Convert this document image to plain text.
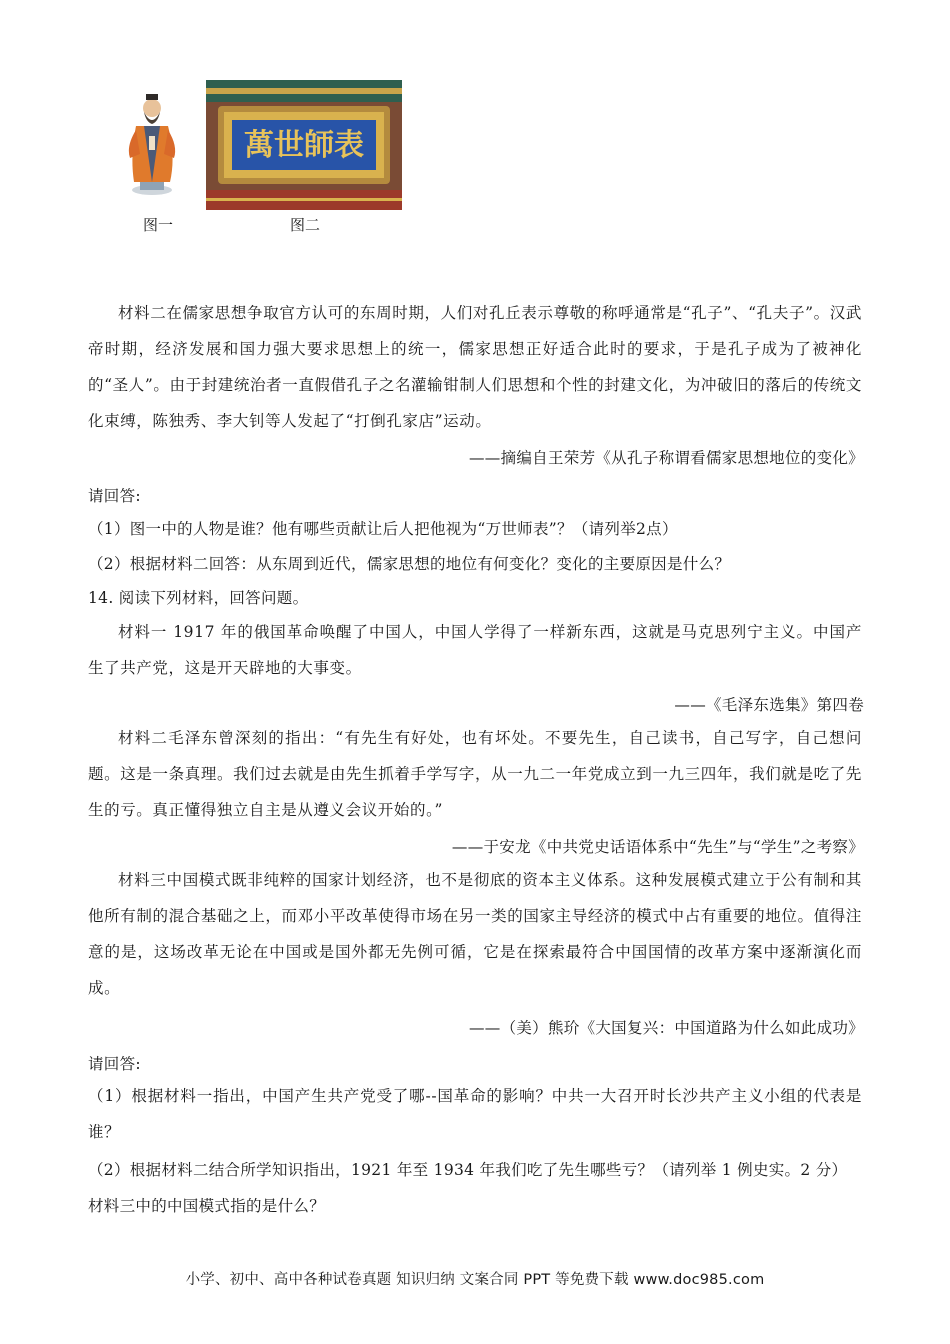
萬世師表
图一	图二
材料二在儒家思想争取官方认可的东周时期，人们对孔丘表示尊敬的称呼通常是“孔子”、“孔夫子”。汉武帝时期，经济发展和国力强大要求思想上的统一，儒家思想正好适合此时的要求，于是孔子成为了被神化的“圣人”。由于封建统治者一直假借孔子之名灌输钳制人们思想和个性的封建文化，为冲破旧的落后的传统文化束缚，陈独秀、李大钊等人发起了“打倒孔家店”运动。
——摘编自王荣芳《从孔子称谓看儒家思想地位的变化》
请回答:
（1）图一中的人物是谁？他有哪些贡献让后人把他视为“万世师表”？（请列举2点）
（2）根据材料二回答：从东周到近代，儒家思想的地位有何变化？变化的主要原因是什么？
14. 阅读下列材料，回答问题。
材料一 1917 年的俄国革命唤醒了中国人，中国人学得了一样新东西，这就是马克思列宁主义。中国产生了共产党，这是开天辟地的大事变。
——《毛泽东选集》第四卷
材料二毛泽东曾深刻的指出：“有先生有好处，也有坏处。不要先生，自己读书，自己写字，自己想问题。这是一条真理。我们过去就是由先生抓着手学写字，从一九二一年党成立到一九三四年，我们就是吃了先生的亏。真正懂得独立自主是从遵义会议开始的。”
——于安龙《中共党史话语体系中“先生”与“学生”之考察》
材料三中国模式既非纯粹的国家计划经济，也不是彻底的资本主义体系。这种发展模式建立于公有制和其他所有制的混合基础之上，而邓小平改革使得市场在另一类的国家主导经济的模式中占有重要的地位。值得注意的是，这场改革无论在中国或是国外都无先例可循，它是在探索最符合中国国情的改革方案中逐渐演化而成。
——（美）熊玠《大国复兴：中国道路为什么如此成功》
请回答:
（1）根据材料一指出，中国产生共产党受了哪--国革命的影响？中共一大召开时长沙共产主义小组的代表是谁？
（2）根据材料二结合所学知识指出，1921 年至 1934 年我们吃了先生哪些亏？（请列举 1 例史实。2 分）
材料三中的中国模式指的是什么？
小学、初中、高中各种试卷真题 知识归纳 文案合同 PPT 等免费下载 www.doc985.com
